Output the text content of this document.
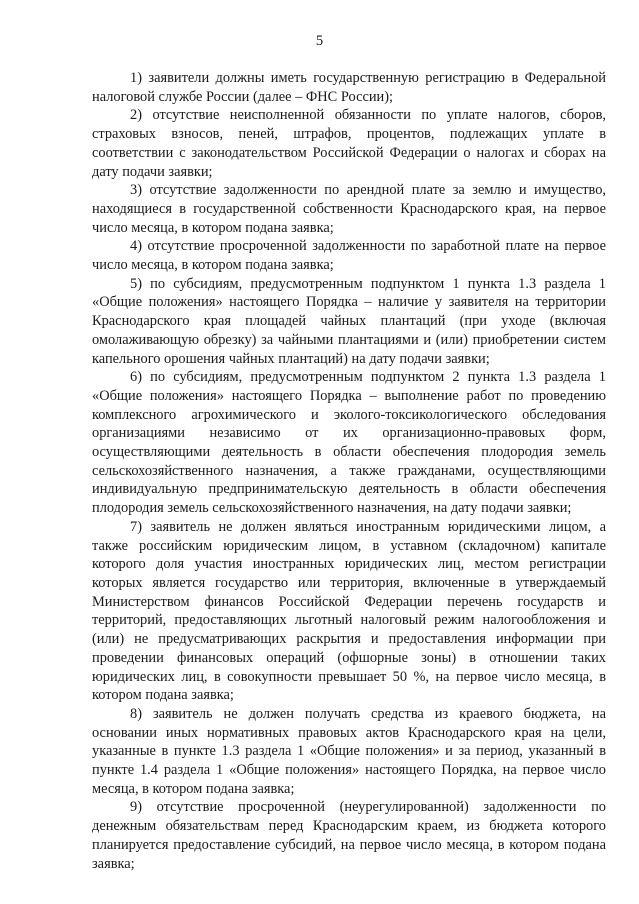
5

1) заявители должны иметь государственную регистрацию в Федеральной налоговой службе России (далее – ФНС России);

2) отсутствие неисполненной обязанности по уплате налогов, сборов, страховых взносов, пеней, штрафов, процентов, подлежащих уплате в соответствии с законодательством Российской Федерации о налогах и сборах на дату подачи заявки;

3) отсутствие задолженности по арендной плате за землю и имущество, находящиеся в государственной собственности Краснодарского края, на первое число месяца, в котором подана заявка;

4) отсутствие просроченной задолженности по заработной плате на первое число месяца, в котором подана заявка;

5) по субсидиям, предусмотренным подпунктом 1 пункта 1.3 раздела 1 «Общие положения» настоящего Порядка – наличие у заявителя на территории Краснодарского края площадей чайных плантаций (при уходе (включая омолаживающую обрезку) за чайными плантациями и (или) приобретении систем капельного орошения чайных плантаций) на дату подачи заявки;

6) по субсидиям, предусмотренным подпунктом 2 пункта 1.3 раздела 1 «Общие положения» настоящего Порядка – выполнение работ по проведению комплексного агрохимического и эколого-токсикологического обследования организациями независимо от их организационно-правовых форм, осуществляющими деятельность в области обеспечения плодородия земель сельскохозяйственного назначения, а также гражданами, осуществляющими индивидуальную предпринимательскую деятельность в области обеспечения плодородия земель сельскохозяйственного назначения, на дату подачи заявки;

7) заявитель не должен являться иностранным юридическими лицом, а также российским юридическим лицом, в уставном (складочном) капитале которого доля участия иностранных юридических лиц, местом регистрации которых является государство или территория, включенные в утверждаемый Министерством финансов Российской Федерации перечень государств и территорий, предоставляющих льготный налоговый режим налогообложения и (или) не предусматривающих раскрытия и предоставления информации при проведении финансовых операций (офшорные зоны) в отношении таких юридических лиц, в совокупности превышает 50 %, на первое число месяца, в котором подана заявка;

8) заявитель не должен получать средства из краевого бюджета, на основании иных нормативных правовых актов Краснодарского края на цели, указанные в пункте 1.3 раздела 1 «Общие положения» и за период, указанный в пункте 1.4 раздела 1 «Общие положения» настоящего Порядка, на первое число месяца, в котором подана заявка;

9) отсутствие просроченной (неурегулированной) задолженности по денежным обязательствам перед Краснодарским краем, из бюджета которого планируется предоставление субсидий, на первое число месяца, в котором подана заявка;
